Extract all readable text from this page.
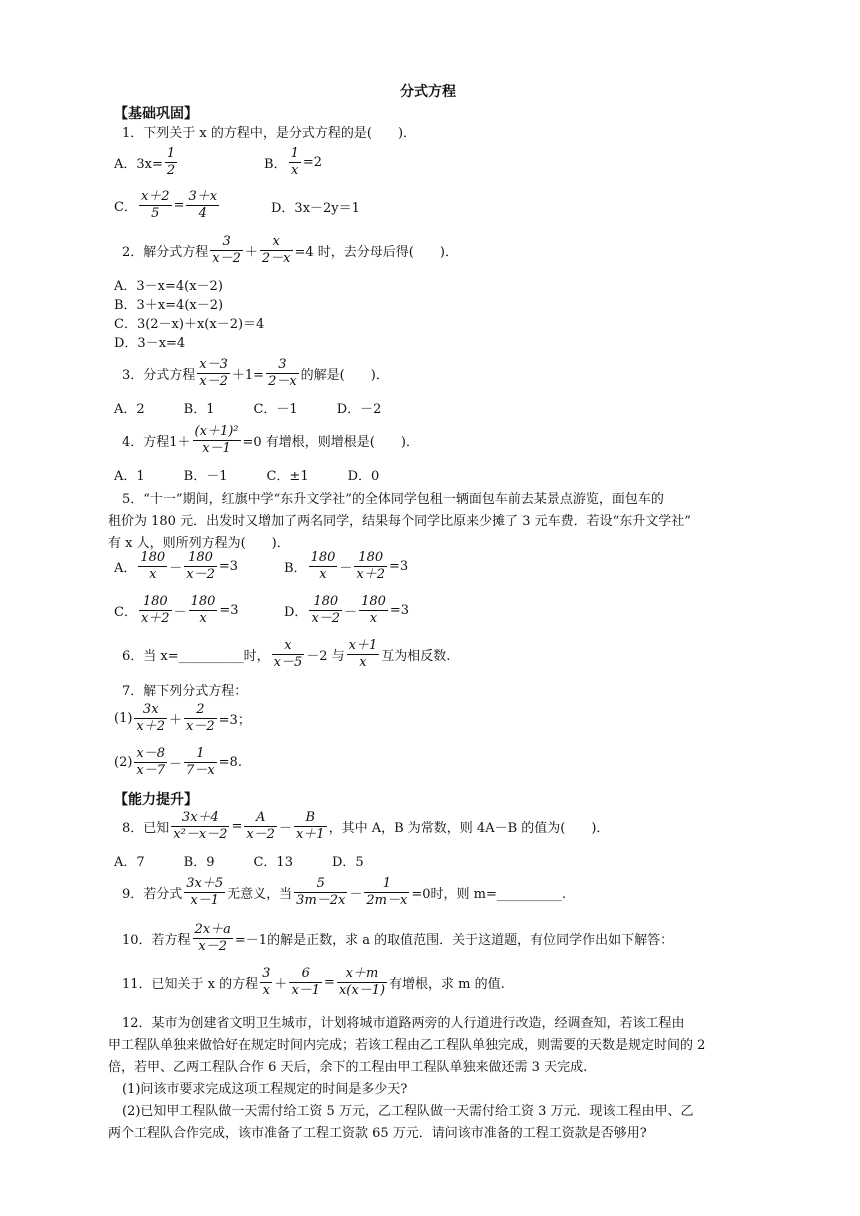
分式方程
【基础巩固】
1．下列关于 x 的方程中，是分式方程的是(　　)．
A．$3x= \frac{1}{2}$	B． $\frac{1}{x} =2$
C． $\frac{x+2}{5} = \frac{3+x}{4}$	D．3x－2y＝1
2．解分式方程 $\frac{3}{x-2} + \frac{x}{2-x} =4$ 时，去分母后得(　　)．
A．3－x=4(x－2)
B．3＋x=4(x－2)
C．3(2－x)＋x(x－2)＝4
D．3－x=4
3．分式方程 $\frac{x-3}{x-2} +1= \frac{3}{2-x}$ 的解是(　　)．
A．2　　　B．1　　　C．－1　　　D．－2
4．方程$1+ \frac{\text{(x＋1)²}}{x-1} =0$ 有增根，则增根是(　　)．
A．1　　　B．－1　　　C．±1　　　D．0
5．“十一”期间，红旗中学“东升文学社”的全体同学包租一辆面包车前去某景点游览，面包车的
租价为 180 元．出发时又增加了两名同学，结果每个同学比原来少摊了 3 元车费．若设“东升文学社”
有 x 人，则所列方程为(　　)．
A． $\frac{180}{x} - \frac{180}{x-2} =3$	B． $\frac{180}{x} - \frac{180}{x+2} =3$
C． $\frac{180}{x+2} - \frac{180}{x} =3$	D． $\frac{180}{x-2} - \frac{180}{x} =3$
6．当 x=__________时， $\frac{x}{x-5} -2$ 与 $\frac{x+1}{x}$ 互为相反数.
7．解下列分式方程：
$(1) \frac{3x}{x+2} + \frac{2}{x-2} =3$；
$(2) \frac{x-8}{x-7} - \frac{1}{7-x} =8$.
【能力提升】
8．已知 $\frac{3x+4}{\text{x²－x－2}} = \frac{A}{x-2} - \frac{B}{x+1}$ ，其中 A，B 为常数，则 4A－B 的值为(　　)．
A．7　　　B．9　　　C．13　　　D．5
9．若分式 $\frac{3x+5}{x-1}$ 无意义，当 $\frac{5}{3m-2x} - \frac{1}{2m-x} =0$时，则 m=__________.
10．若方程 $\frac{2x+a}{x-2} =-1$的解是正数，求 a 的取值范围．关于这道题，有位同学作出如下解答：
11．已知关于 x 的方程 $\frac{3}{x} + \frac{6}{x-1} = \frac{x+m}{x(x-1)}$ 有增根，求 m 的值.
12．某市为创建省文明卫生城市，计划将城市道路两旁的人行道进行改造，经调查知，若该工程由
甲工程队单独来做恰好在规定时间内完成；若该工程由乙工程队单独完成，则需要的天数是规定时间的 2
倍，若甲、乙两工程队合作 6 天后，余下的工程由甲工程队单独来做还需 3 天完成.
(1)问该市要求完成这项工程规定的时间是多少天?
(2)已知甲工程队做一天需付给工资 5 万元，乙工程队做一天需付给工资 3 万元．现该工程由甲、乙
两个工程队合作完成，该市准备了工程工资款 65 万元．请问该市准备的工程工资款是否够用?
